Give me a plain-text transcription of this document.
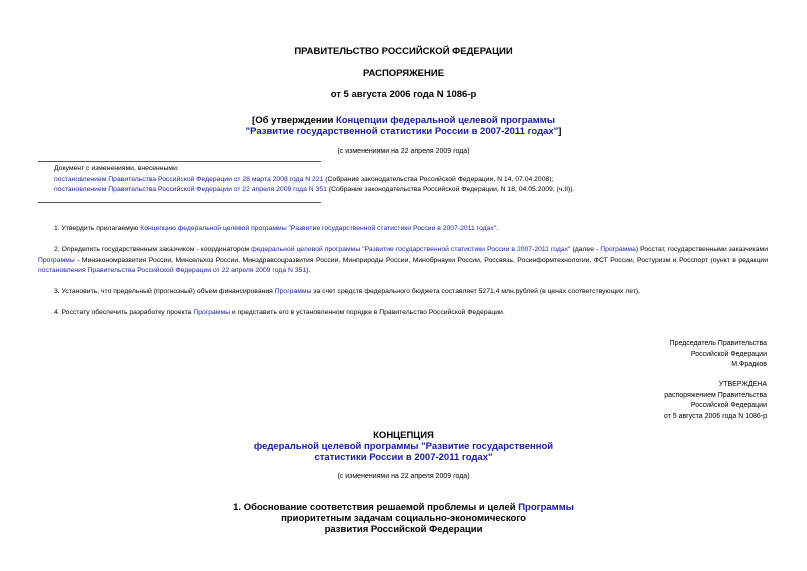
ПРАВИТЕЛЬСТВО РОССИЙСКОЙ ФЕДЕРАЦИИ
РАСПОРЯЖЕНИЕ
от 5 августа 2006 года N 1086-р
[Об утверждении Концепции федеральной целевой программы
"Развитие государственной статистики России в 2007-2011 годах"]
(с изменениями на 22 апреля 2009 года)
Документ с изменениями, внесенными:
постановлением Правительства Российской Федерации от 28 марта 2008 года N 221 (Собрание законодательства Российской Федерации, N 14, 07.04.2008);
постановлением Правительства Российской Федерации от 22 апреля 2009 года N 351 (Собрание законодательства Российской Федерации, N 18, 04.05.2009, (ч.II)).
1. Утвердить прилагаемую Концепцию федеральной целевой программы "Развитие государственной статистики России в 2007-2011 годах".
2. Определить государственным заказчиком - координатором федеральной целевой программы "Развитие государственной статистики России в 2007-2011 годах" (далее - Программа) Росстат, государственными заказчиками Программы - Минэкономразвития России, Минсельхоз России, Минздравсоцразвития России, Минприроды России, Минобрнауки России, Россвязь, Росинформтехнологии, ФСТ России, Ростуризм и Росспорт (пункт в редакции постановления Правительства Российской Федерации от 22 апреля 2009 года N 351).
3. Установить, что предельный (прогнозный) объем финансирования Программы за счет средств федерального бюджета составляет 5271,4 млн.рублей (в ценах соответствующих лет).
4. Росстату обеспечить разработку проекта Программы и представить его в установленном порядке в Правительство Российской Федерации.
Председатель Правительства
Российской Федерации
М.Фрадков
УТВЕРЖДЕНА
распоряжением Правительства
Российской Федерации
от 5 августа 2006 года N 1086-р
КОНЦЕПЦИЯ
федеральной целевой программы "Развитие государственной
статистики России в 2007-2011 годах"
(с изменениями на 22 апреля 2009 года)
1. Обоснование соответствия решаемой проблемы и целей Программы
приоритетным задачам социально-экономического
развития Российской Федерации
